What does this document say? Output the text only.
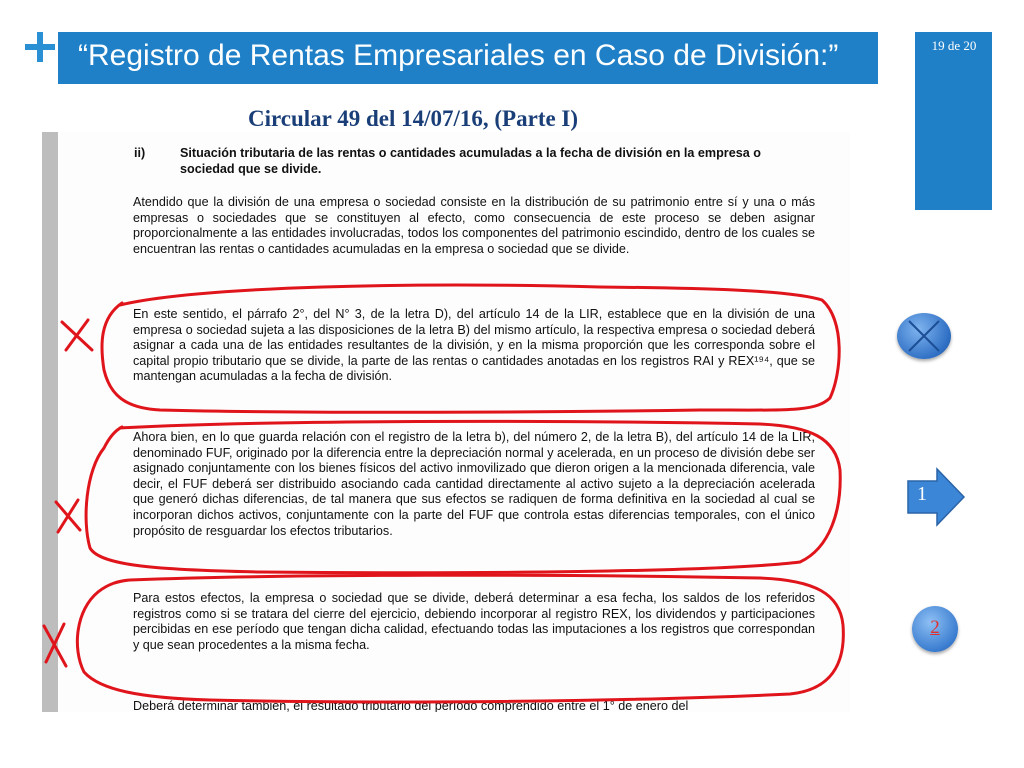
“Registro de Rentas Empresariales en Caso de División:”	19 de 20
Circular 49 del 14/07/16, (Parte I)

ii)	Situación tributaria de las rentas o cantidades acumuladas a la fecha de división en la empresa o sociedad que se divide.

Atendido que la división de una empresa o sociedad consiste en la distribución de su patrimonio entre sí y una o más empresas o sociedades que se constituyen al efecto, como consecuencia de este proceso se deben asignar proporcionalmente a las entidades involucradas, todos los componentes del patrimonio escindido, dentro de los cuales se encuentran las rentas o cantidades acumuladas en la empresa o sociedad que se divide.

En este sentido, el párrafo 2°, del N° 3, de la letra D), del artículo 14 de la LIR, establece que en la división de una empresa o sociedad sujeta a las disposiciones de la letra B) del mismo artículo, la respectiva empresa o sociedad deberá asignar a cada una de las entidades resultantes de la división, y en la misma proporción que les corresponda sobre el capital propio tributario que se divide, la parte de las rentas o cantidades anotadas en los registros RAI y REX¹⁹⁴, que se mantengan acumuladas a la fecha de división.

Ahora bien, en lo que guarda relación con el registro de la letra b), del número 2, de la letra B), del artículo 14 de la LIR, denominado FUF, originado por la diferencia entre la depreciación normal y acelerada, en un proceso de división debe ser asignado conjuntamente con los bienes físicos del activo inmovilizado que dieron origen a la mencionada diferencia, vale decir, el FUF deberá ser distribuido asociando cada cantidad directamente al activo sujeto a la depreciación acelerada que generó dichas diferencias, de tal manera que sus efectos se radiquen de forma definitiva en la sociedad al cual se incorporan dichos activos, conjuntamente con la parte del FUF que controla estas diferencias temporales, con el único propósito de resguardar los efectos tributarios.

Para estos efectos, la empresa o sociedad que se divide, deberá determinar a esa fecha, los saldos de los referidos registros como si se tratara del cierre del ejercicio, debiendo incorporar al registro REX, los dividendos y participaciones percibidas en ese período que tengan dicha calidad, efectuando todas las imputaciones a los registros que correspondan y que sean procedentes a la misma fecha.

Deberá determinar también, el resultado tributario del período comprendido entre el 1° de enero del

1
2
